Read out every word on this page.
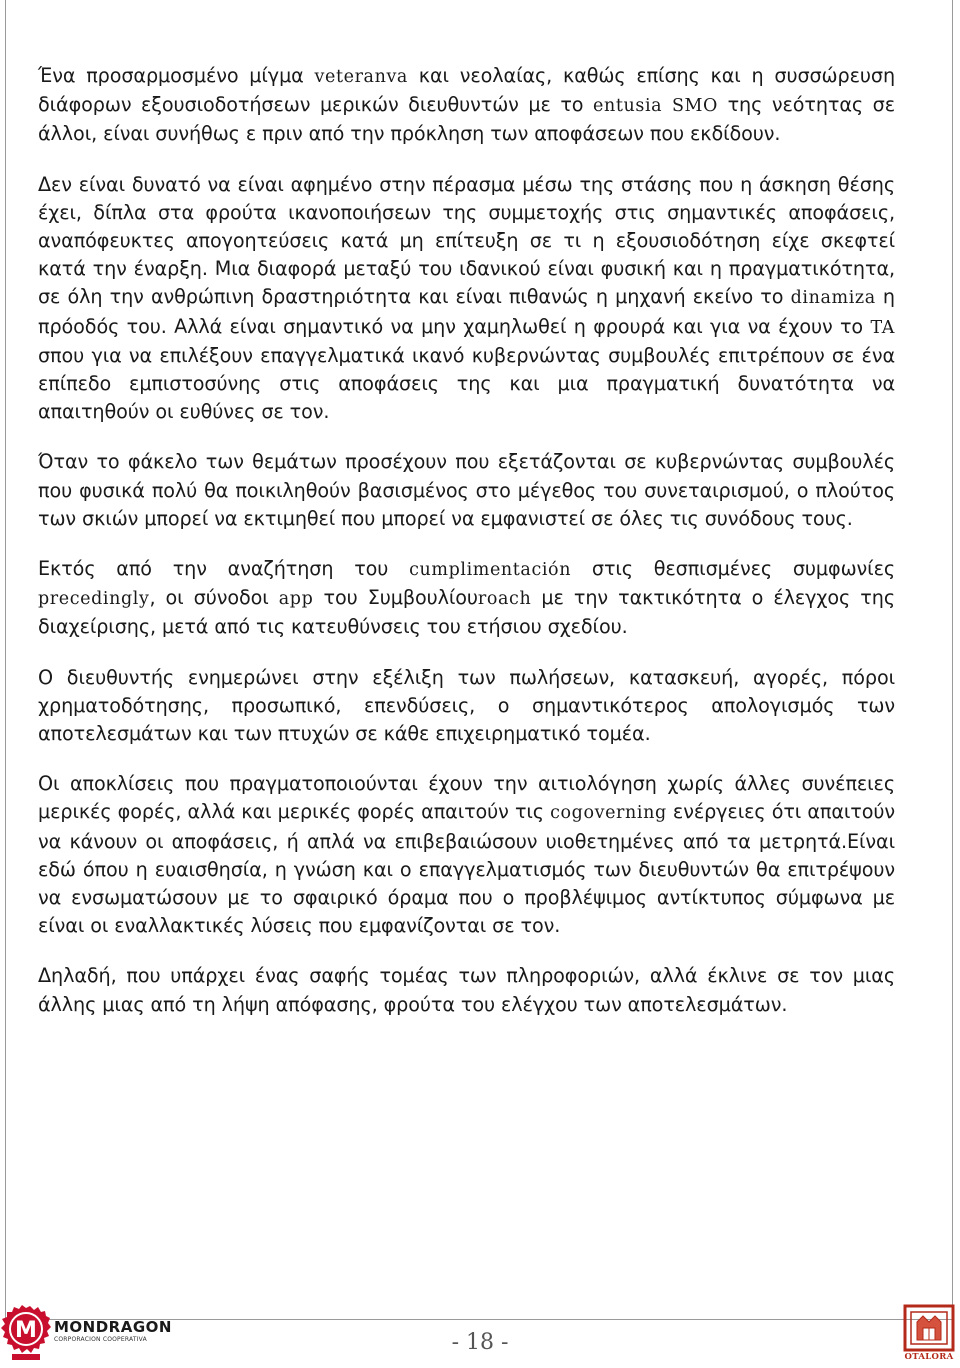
Ένα προσαρμοσμένο μίγμα veteranva και νεολαίας, καθώς επίσης και η συσσώρευση διάφορων εξουσιοδοτήσεων μερικών διευθυντών με το entusia SMO της νεότητας σε άλλοι, είναι συνήθως ε πριν από την πρόκληση των αποφάσεων που εκδίδουν.

Δεν είναι δυνατό να είναι αφημένο στην πέρασμα μέσω της στάσης που η άσκηση θέσης έχει, δίπλα στα φρούτα ικανοποιήσεων της συμμετοχής στις σημαντικές αποφάσεις, αναπόφευκτες απογοητεύσεις κατά μη επίτευξη σε τι η εξουσιοδότηση είχε σκεφτεί κατά την έναρξη. Μια διαφορά μεταξύ του ιδανικού είναι φυσική και η πραγματικότητα, σε όλη την ανθρώπινη δραστηριότητα και είναι πιθανώς η μηχανή εκείνο το dinamiza η πρόοδός του. Αλλά είναι σημαντικό να μην χαμηλωθεί η φρουρά και για να έχουν το TA σπου για να επιλέξουν επαγγελματικά ικανό κυβερνώντας συμβουλές επιτρέπουν σε ένα επίπεδο εμπιστοσύνης στις αποφάσεις της και μια πραγματική δυνατότητα να απαιτηθούν οι ευθύνες σε τον.

Όταν το φάκελο των θεμάτων προσέχουν που εξετάζονται σε κυβερνώντας συμβουλές που φυσικά πολύ θα ποικιληθούν βασισμένος στο μέγεθος του συνεταιρισμού, ο πλούτος των σκιών μπορεί να εκτιμηθεί που μπορεί να εμφανιστεί σε όλες τις συνόδους τους.

Εκτός από την αναζήτηση του cumplimentación στις θεσπισμένες συμφωνίες precedingly, οι σύνοδοι app του Συμβουλίουroach με την τακτικότητα ο έλεγχος της διαχείρισης, μετά από τις κατευθύνσεις του ετήσιου σχεδίου.

Ο διευθυντής ενημερώνει στην εξέλιξη των πωλήσεων, κατασκευή, αγορές, πόροι χρηματοδότησης, προσωπικό, επενδύσεις, ο σημαντικότερος απολογισμός των αποτελεσμάτων και των πτυχών σε κάθε επιχειρηματικό τομέα.

Οι αποκλίσεις που πραγματοποιούνται έχουν την αιτιολόγηση χωρίς άλλες συνέπειες μερικές φορές, αλλά και μερικές φορές απαιτούν τις cogoverning ενέργειες ότι απαιτούν να κάνουν οι αποφάσεις, ή απλά να επιβεβαιώσουν υιοθετημένες από τα μετρητά.Είναι εδώ όπου η ευαισθησία, η γνώση και ο επαγγελματισμός των διευθυντών θα επιτρέψουν να ενσωματώσουν με το σφαιρικό όραμα που ο προβλέψιμος αντίκτυπος σύμφωνα με είναι οι εναλλακτικές λύσεις που εμφανίζονται σε τον.

Δηλαδή, που υπάρχει ένας σαφής τομέας των πληροφοριών, αλλά έκλινε σε τον μιας άλλης μιας από τη λήψη απόφασης, φρούτα του ελέγχου των αποτελεσμάτων.

M MONDRAGON
CORPORACION COOPERATIVA	- 18 -
OTALORA
